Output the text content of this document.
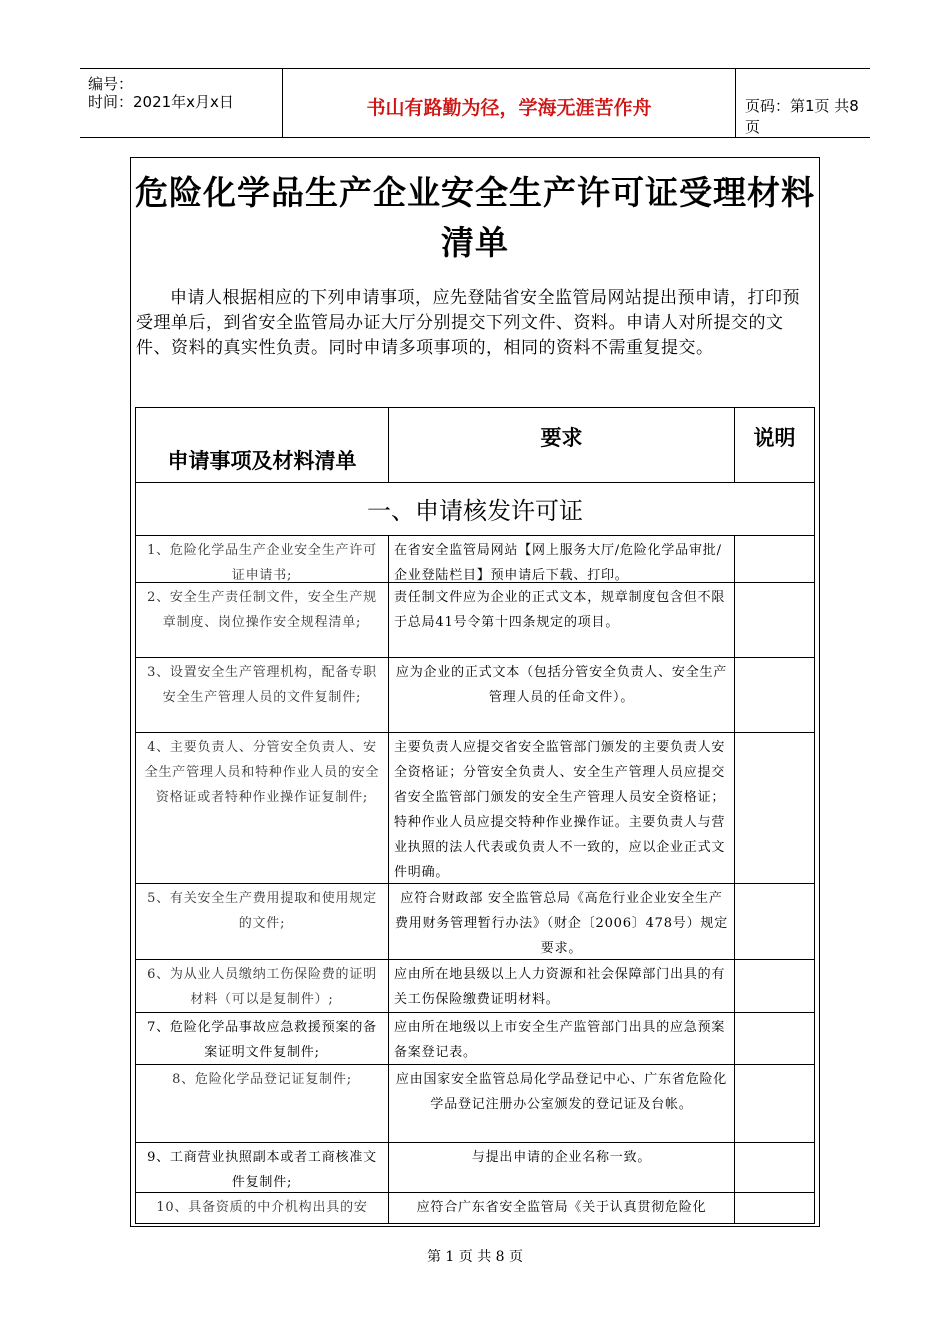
编号：
时间：2021年x月x日	书山有路勤为径，学海无涯苦作舟	页码：第1页 共8页
危险化学品生产企业安全生产许可证受理材料清单
申请人根据相应的下列申请事项，应先登陆省安全监管局网站提出预申请，打印预受理单后，到省安全监管局办证大厅分别提交下列文件、资料。申请人对所提交的文件、资料的真实性负责。同时申请多项事项的，相同的资料不需重复提交。
申请事项及材料清单
要求	说明
一、申请核发许可证
1、危险化学品生产企业安全生产许可证申请书;
在省安全监管局网站【网上服务大厅/危险化学品审批/企业登陆栏目】预申请后下载、打印。
2、安全生产责任制文件，安全生产规章制度、岗位操作安全规程清单;
责任制文件应为企业的正式文本，规章制度包含但不限于总局41号令第十四条规定的项目。
3、设置安全生产管理机构，配备专职安全生产管理人员的文件复制件;
应为企业的正式文本（包括分管安全负责人、安全生产管理人员的任命文件）。
4、主要负责人、分管安全负责人、安全生产管理人员和特种作业人员的安全资格证或者特种作业操作证复制件;
主要负责人应提交省安全监管部门颁发的主要负责人安全资格证；分管安全负责人、安全生产管理人员应提交省安全监管部门颁发的安全生产管理人员安全资格证；特种作业人员应提交特种作业操作证。主要负责人与营业执照的法人代表或负责人不一致的，应以企业正式文件明确。
5、有关安全生产费用提取和使用规定的文件;
应符合财政部 安全监管总局《高危行业企业安全生产费用财务管理暂行办法》（财企〔2006〕478号）规定要求。
6、为从业人员缴纳工伤保险费的证明材料（可以是复制件）;
应由所在地县级以上人力资源和社会保障部门出具的有关工伤保险缴费证明材料。
7、危险化学品事故应急救援预案的备案证明文件复制件;
应由所在地级以上市安全生产监管部门出具的应急预案备案登记表。
8、危险化学品登记证复制件;	应由国家安全监管总局化学品登记中心、广东省危险化学品登记注册办公室颁发的登记证及台帐。
9、工商营业执照副本或者工商核准文件复制件;
与提出申请的企业名称一致。
10、具备资质的中介机构出具的安	应符合广东省安全监管局《关于认真贯彻危险化
第 1 页 共 8 页
